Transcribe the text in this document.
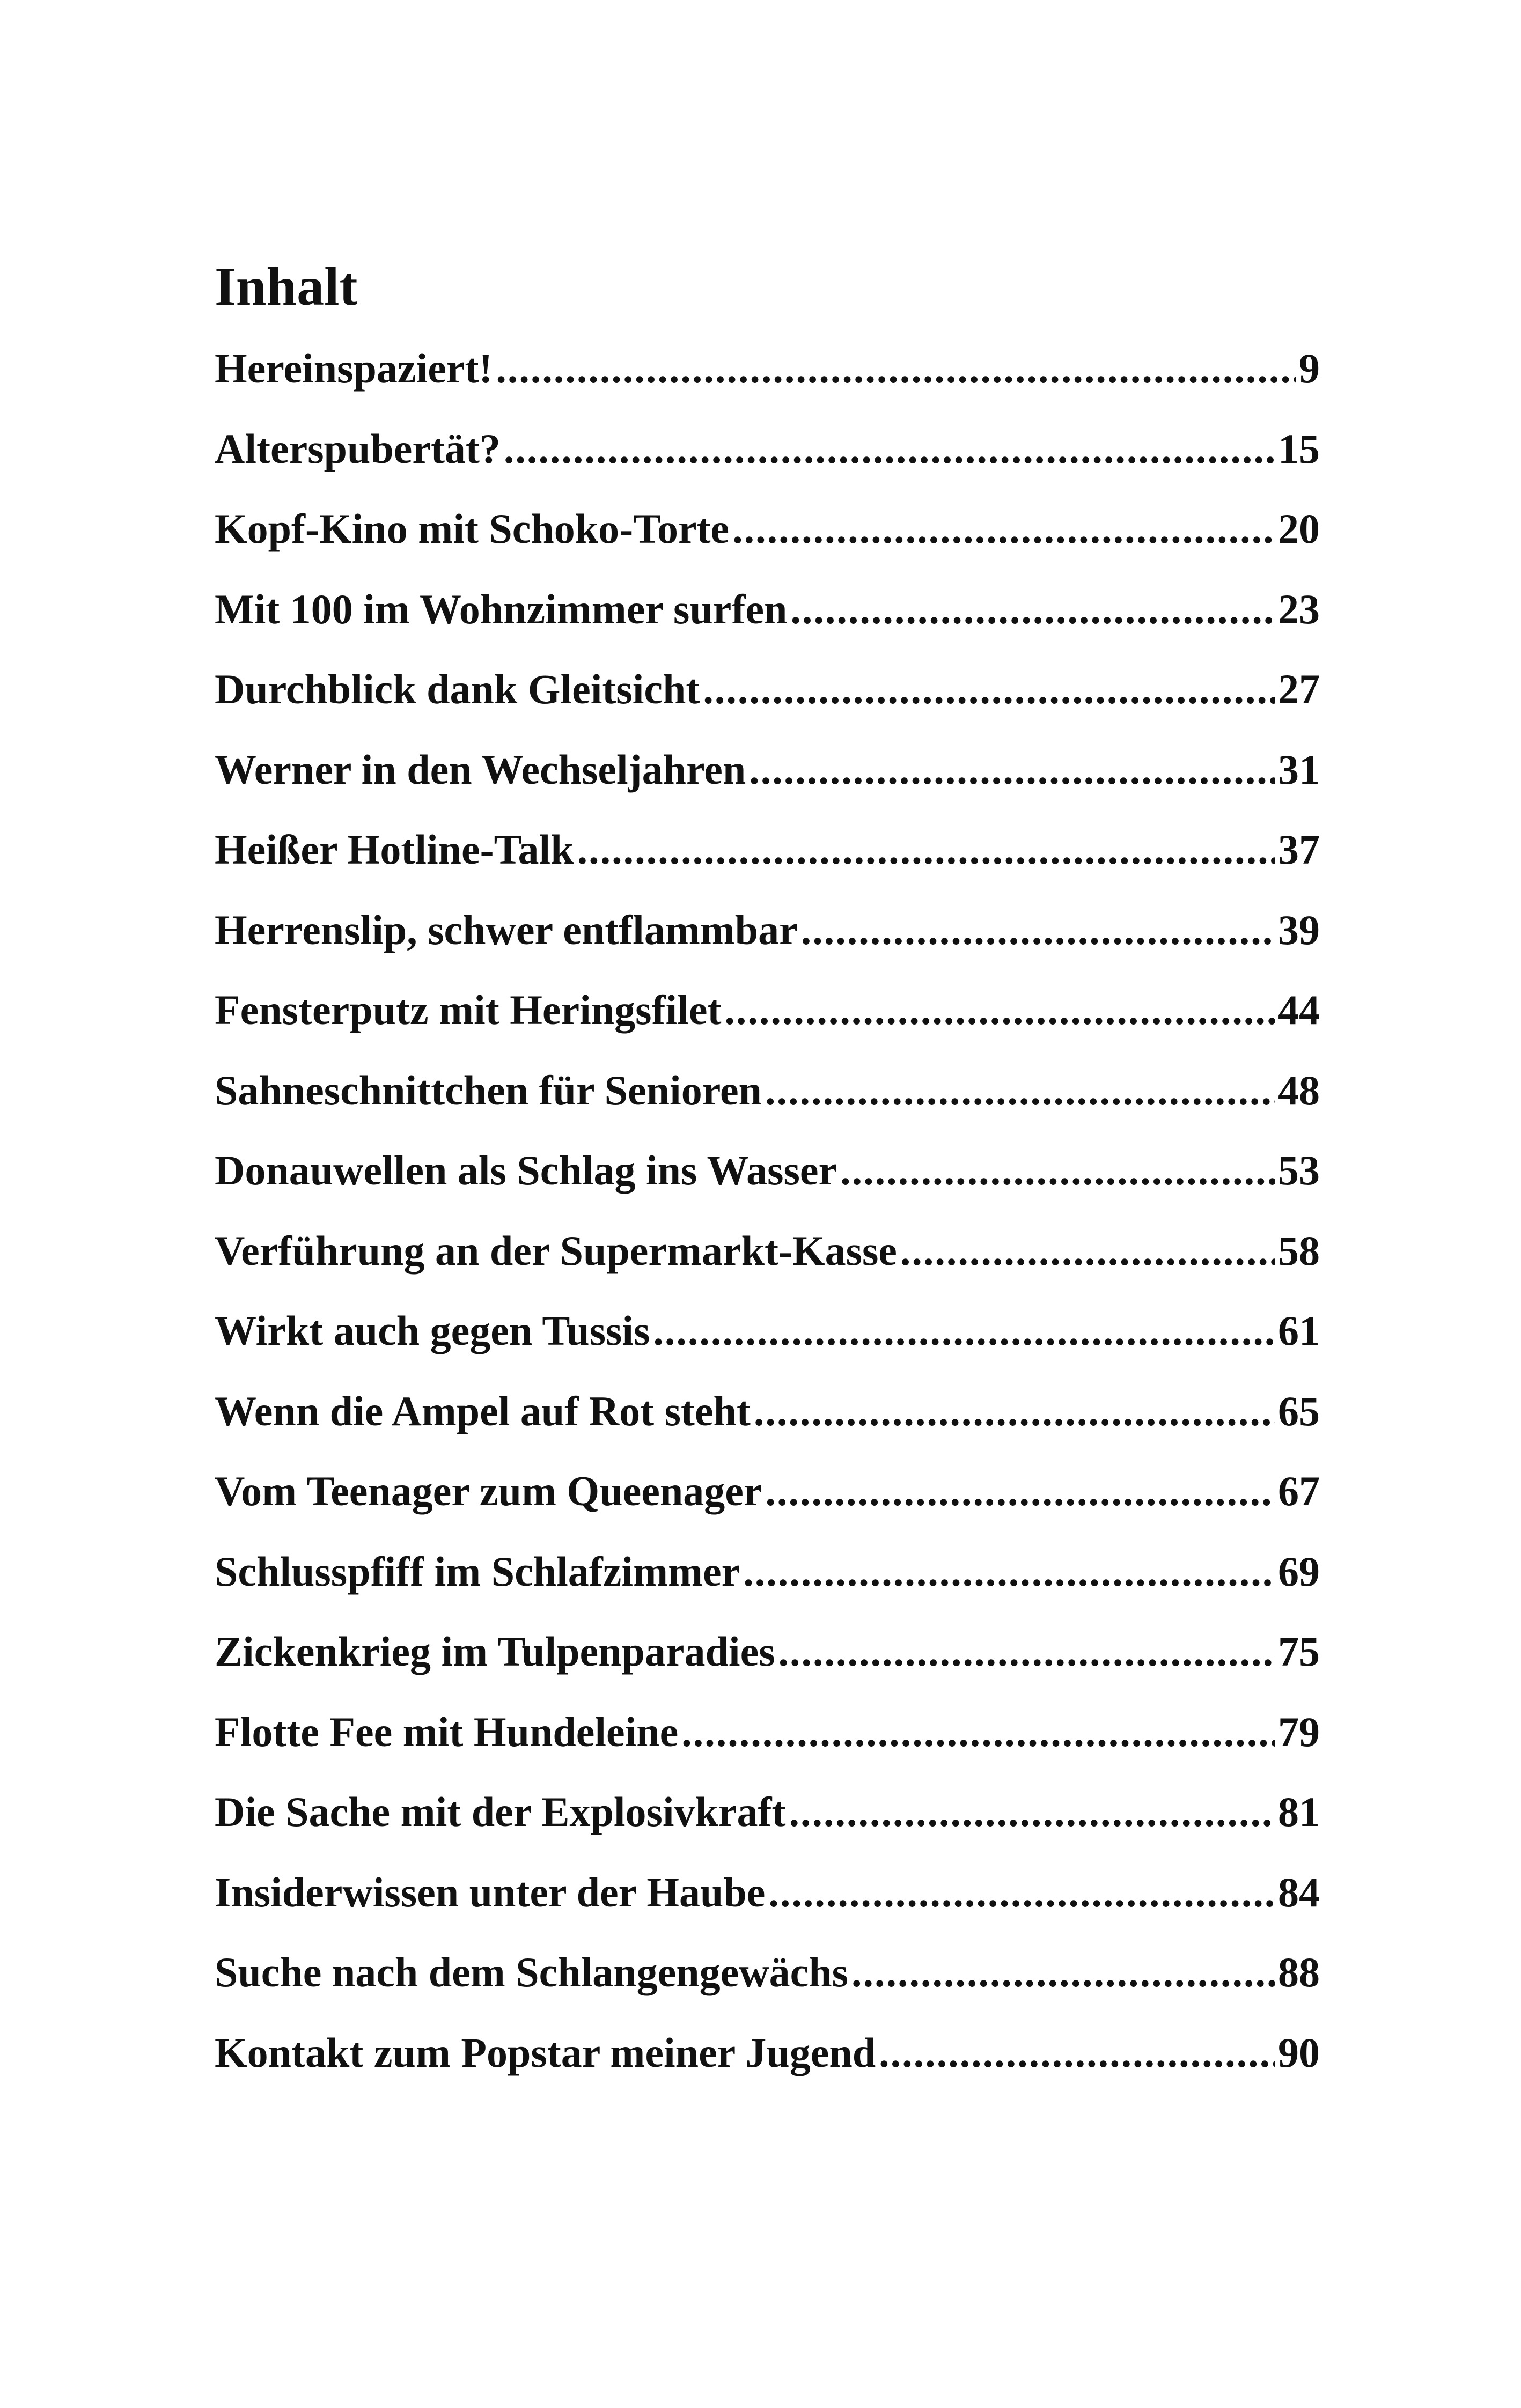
Inhalt
Hereinspaziert! .....	9
Alterspubertät? .....	15
Kopf-Kino mit Schoko-Torte .....	20
Mit 100 im Wohnzimmer surfen .....	23
Durchblick dank Gleitsicht .....	27
Werner in den Wechseljahren .....	31
Heißer Hotline-Talk .....	37
Herrenslip, schwer entflammbar .....	39
Fensterputz mit Heringsfilet .....	44
Sahneschnittchen für Senioren .....	48
Donauwellen als Schlag ins Wasser .....	53
Verführung an der Supermarkt-Kasse .....	58
Wirkt auch gegen Tussis .....	61
Wenn die Ampel auf Rot steht .....	65
Vom Teenager zum Queenager .....	67
Schlusspfiff im Schlafzimmer .....	69
Zickenkrieg im Tulpenparadies .....	75
Flotte Fee mit Hundeleine .....	79
Die Sache mit der Explosivkraft .....	81
Insiderwissen unter der Haube .....	84
Suche nach dem Schlangengewächs .....	88
Kontakt zum Popstar meiner Jugend .....	90
